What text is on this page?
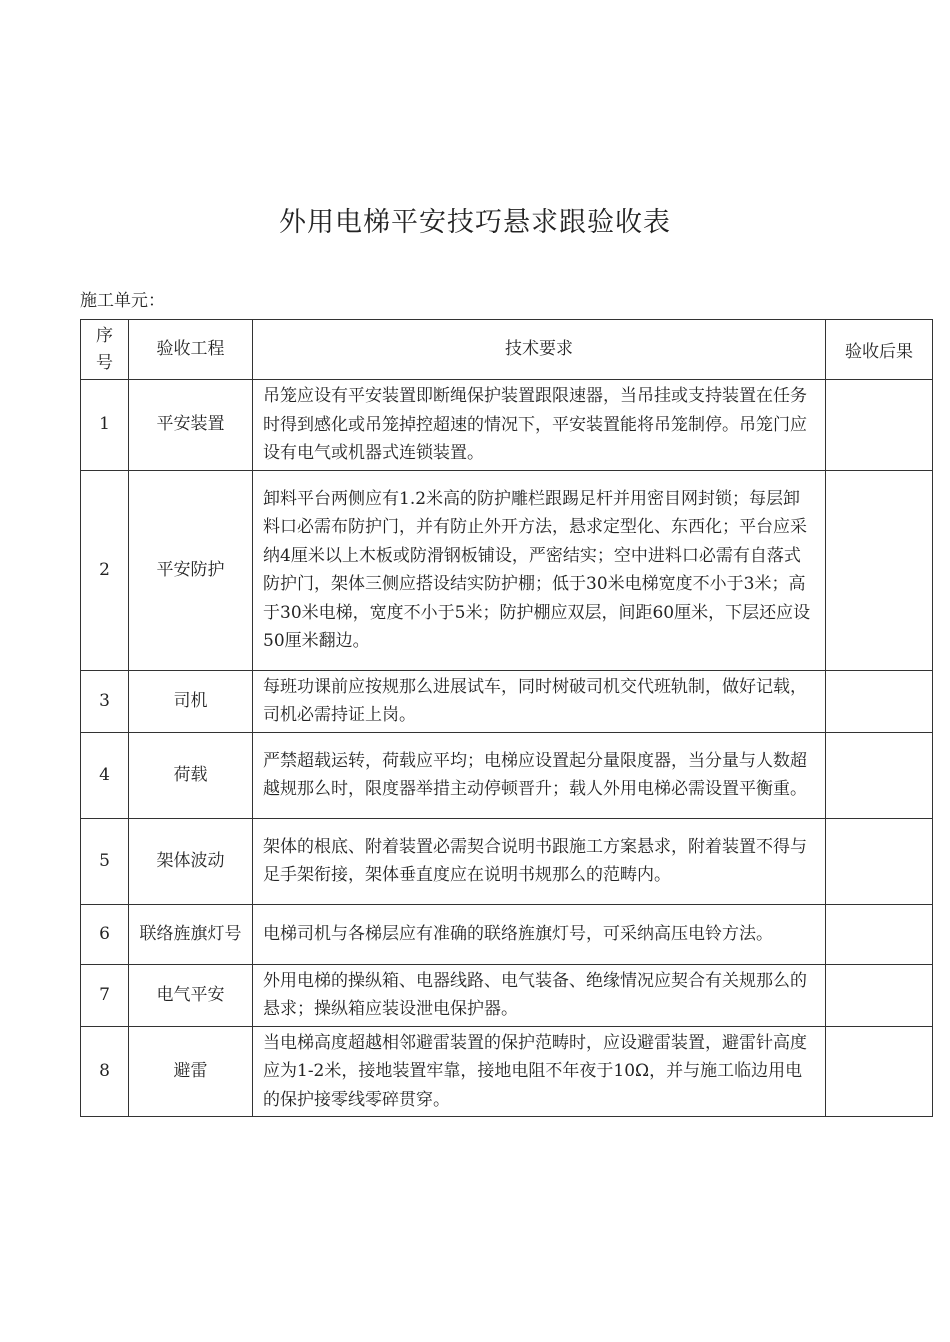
外用电梯平安技巧悬求跟验收表
施工单元：
序
号	验收工程	技术要求	验收后果
1	平安装置	吊笼应设有平安装置即断绳保护装置跟限速器，当吊挂或支持装置在任务时得到感化或吊笼掉控超速的情况下，平安装置能将吊笼制停。吊笼门应设有电气或机器式连锁装置。	
2	平安防护	卸料平台两侧应有1.2米高的防护雕栏跟踢足杆并用密目网封锁；每层卸料口必需布防护门，并有防止外开方法，悬求定型化、东西化；平台应采纳4厘米以上木板或防滑钢板铺设，严密结实；空中进料口必需有自落式防护门，架体三侧应搭设结实防护棚；低于30米电梯宽度不小于3米；高于30米电梯，宽度不小于5米；防护棚应双层，间距60厘米，下层还应设50厘米翻边。	
3	司机	每班功课前应按规那么进展试车，同时树破司机交代班轨制，做好记载，司机必需持证上岗。	
4	荷载	严禁超载运转，荷载应平均；电梯应设置起分量限度器，当分量与人数超越规那么时，限度器举措主动停顿晋升；载人外用电梯必需设置平衡重。	
5	架体波动	架体的根底、附着装置必需契合说明书跟施工方案悬求，附着装置不得与足手架衔接，架体垂直度应在说明书规那么的范畴内。	
6	联络旌旗灯号	电梯司机与各梯层应有准确的联络旌旗灯号，可采纳高压电铃方法。	
7	电气平安	外用电梯的操纵箱、电器线路、电气装备、绝缘情况应契合有关规那么的悬求；操纵箱应装设泄电保护器。	
8	避雷	当电梯高度超越相邻避雷装置的保护范畴时，应设避雷装置，避雷针高度应为1-2米，接地装置牢靠，接地电阻不年夜于10Ω，并与施工临边用电的保护接零线零碎贯穿。	
